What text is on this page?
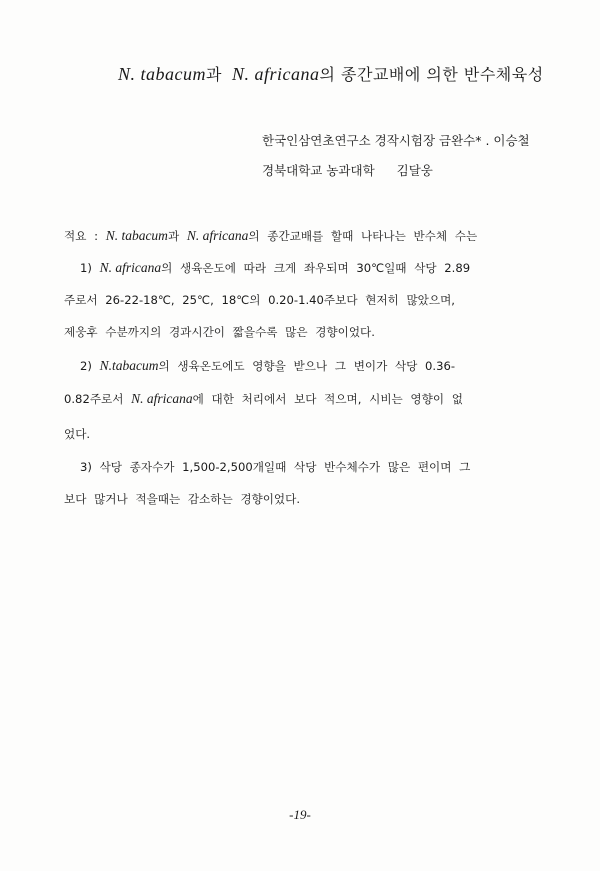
N. tabacum과 N. africana의 종간교배에 의한 반수체육성
한국인삼연초연구소 경작시험장 금완수* . 이승철
경북대학교 농과대학 김달웅
적요 : N. tabacum과 N. africana의 종간교배를 할때 나타나는 반수체 수는
1) N. africana의 생육온도에 따라 크게 좌우되며 30℃일때 삭당 2.89
주로서 26-22-18℃, 25℃, 18℃의 0.20-1.40주보다 현저히 많았으며,
제웅후 수분까지의 경과시간이 짧을수록 많은 경향이었다.
2) N.tabacum의 생육온도에도 영향을 받으나 그 변이가 삭당 0.36-
0.82주로서 N. africana에 대한 처리에서 보다 적으며, 시비는 영향이 없
었다.
3) 삭당 종자수가 1,500-2,500개일때 삭당 반수체수가 많은 편이며 그
보다 많거나 적을때는 감소하는 경향이었다.
-19-
